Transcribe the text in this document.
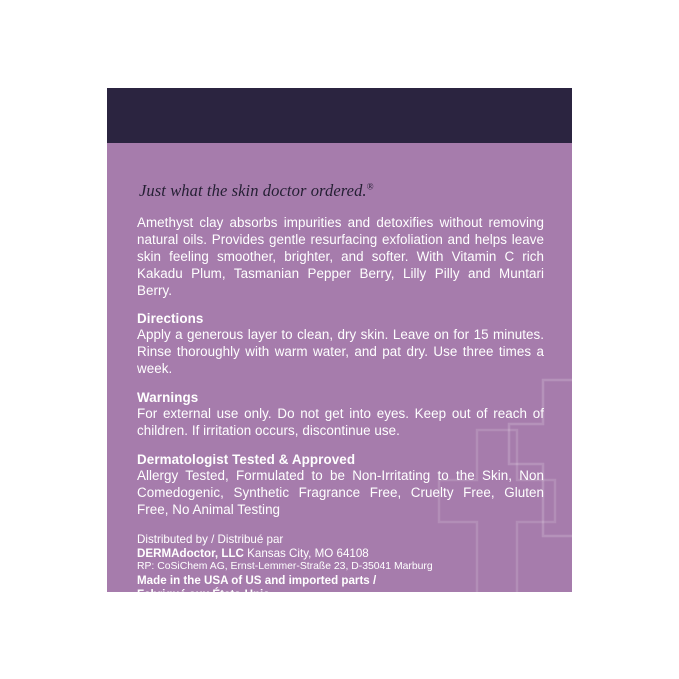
Just what the skin doctor ordered.®

Amethyst clay absorbs impurities and detoxifies without removing natural oils. Provides gentle resurfacing exfoliation and helps leave skin feeling smoother, brighter, and softer. With Vitamin C rich Kakadu Plum, Tasmanian Pepper Berry, Lilly Pilly and Muntari Berry.

Directions

Apply a generous layer to clean, dry skin. Leave on for 15 minutes. Rinse thoroughly with warm water, and pat dry. Use three times a week.

Warnings

For external use only. Do not get into eyes. Keep out of reach of children. If irritation occurs, discontinue use.

Dermatologist Tested & Approved

Allergy Tested, Formulated to be Non-Irritating to the Skin, Non Comedogenic, Synthetic Fragrance Free, Cruelty Free, Gluten Free, No Animal Testing

Distributed by / Distribué par
DERMAdoctor, LLC Kansas City, MO 64108
RP: CoSiChem AG, Ernst-Lemmer-Straße 23, D-35041 Marburg
Made in the USA of US and imported parts /
Fabriqué aux États-Unis
avec des composants des États-Unis et importés
www.DERMAdoctor.com®
